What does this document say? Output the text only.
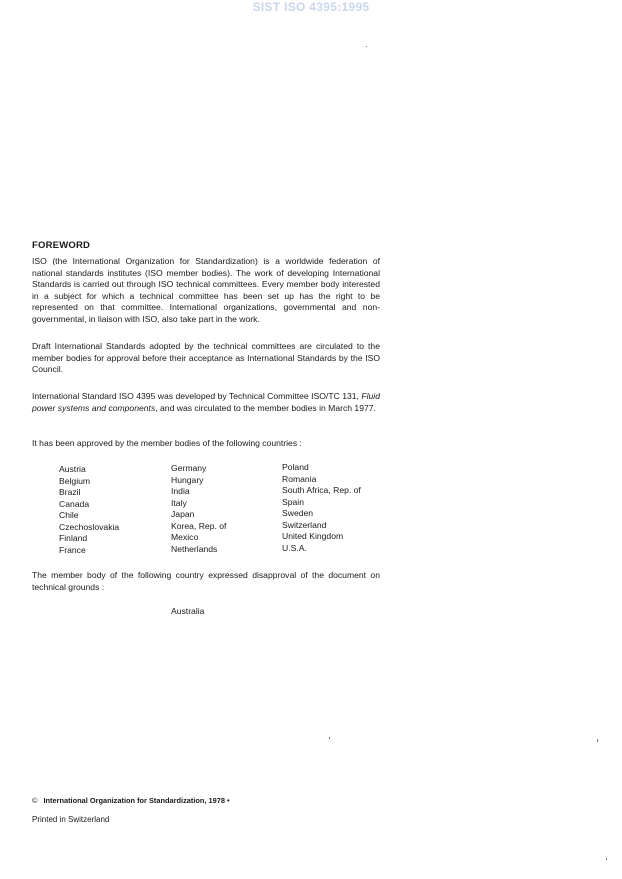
SIST ISO 4395:1995
FOREWORD
ISO (the International Organization for Standardization) is a worldwide federation of national standards institutes (ISO member bodies). The work of developing International Standards is carried out through ISO technical committees. Every member body interested in a subject for which a technical committee has been set up has the right to be represented on that committee. International organizations, governmental and non-governmental, in liaison with ISO, also take part in the work.
Draft International Standards adopted by the technical committees are circulated to the member bodies for approval before their acceptance as International Standards by the ISO Council.
International Standard ISO 4395 was developed by Technical Committee ISO/TC 131, Fluid power systems and components, and was circulated to the member bodies in March 1977.
It has been approved by the member bodies of the following countries :
Austria
Belgium
Brazil
Canada
Chile
Czechoslovakia
Finland
France
Germany
Hungary
India
Italy
Japan
Korea, Rep. of
Mexico
Netherlands
Poland
Romania
South Africa, Rep. of
Spain
Sweden
Switzerland
United Kingdom
U.S.A.
The member body of the following country expressed disapproval of the document on technical grounds :
Australia
© International Organization for Standardization, 1978 •
Printed in Switzerland
